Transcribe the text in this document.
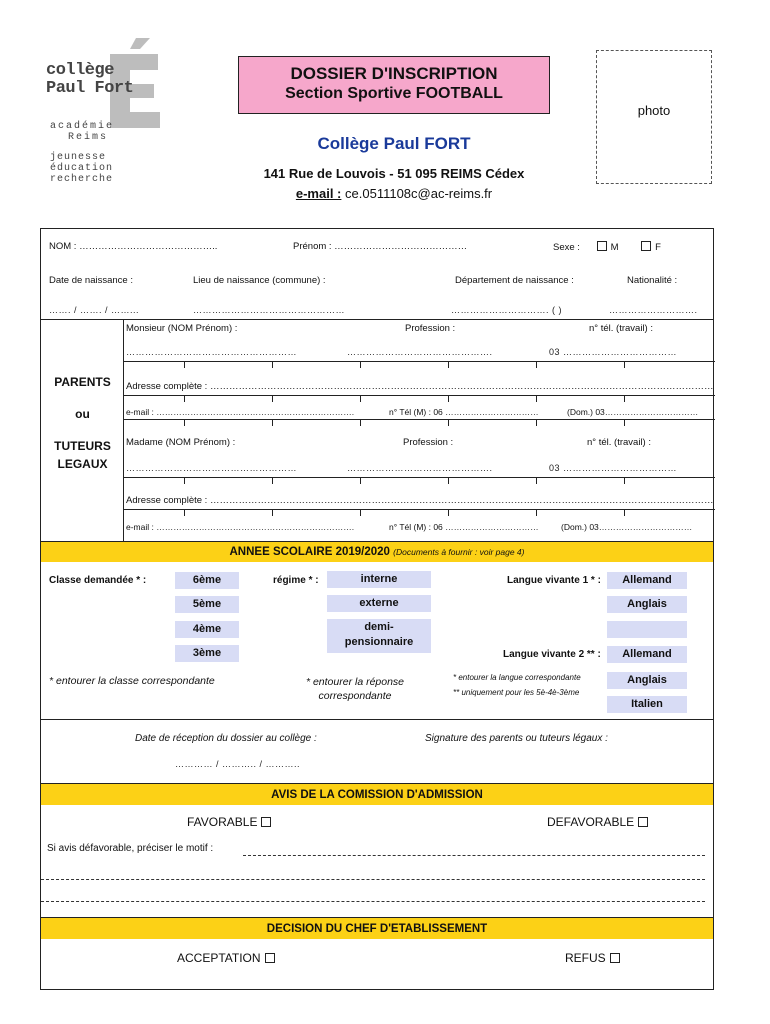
collège
Paul Fort
académie
Reims
jeunesse
éducation
recherche
DOSSIER D'INSCRIPTION
Section Sportive FOOTBALL
photo
Collège Paul FORT
141 Rue de Louvois - 51 095 REIMS Cédex
e-mail : ce.0511108c@ac-reims.fr
NOM : ……………………………………..	Prénom : ……………………………………	Sexe :	M	F
Date de naissance :	Lieu de naissance (commune) :	Département de naissance :	Nationalité :
……. / ……. / ……...	…………………………………………	…………………………. ( )	……………………….
PARENTS
ou
TUTEURS
LEGAUX
Monsieur (NOM Prénom) :	Profession :	n° tél. (travail) :
………………………………………………	……………………………………….	03 ………………………………
Adresse complète : ……………………………………………………………………………………………………………………………………………
e-mail : …………………………………………………………….	n° Tél (M) : 06 ……………………………	(Dom.) 03……………………………
Madame (NOM Prénom) :	Profession :	n° tél. (travail) :
………………………………………………	……………………………………….	03 ………………………………
Adresse complète : ……………………………………………………………………………………………………………………………………………
e-mail : …………………………………………………………….	n° Tél (M) : 06 ……………………………	(Dom.) 03……………………………
ANNEE SCOLAIRE 2019/2020 (Documents à fournir : voir page 4)
Classe demandée * :	6ème
5ème
4ème
3ème
régime * :	interne
externe
demi-pensionnaire
Langue vivante 1 * :	Allemand
Anglais
Langue vivante 2 ** :	Allemand
Anglais
Italien
* entourer la classe correspondante	* entourer la réponse
correspondante
* entourer la langue correspondante
** uniquement pour les 5è-4è-3ème
Date de réception du dossier au collège :	Signature des parents ou tuteurs légaux :
………… / ……….. / ………..
AVIS DE LA COMISSION D'ADMISSION
FAVORABLE	DEFAVORABLE
Si avis défavorable, préciser le motif :
DECISION DU CHEF D'ETABLISSEMENT
ACCEPTATION	REFUS
